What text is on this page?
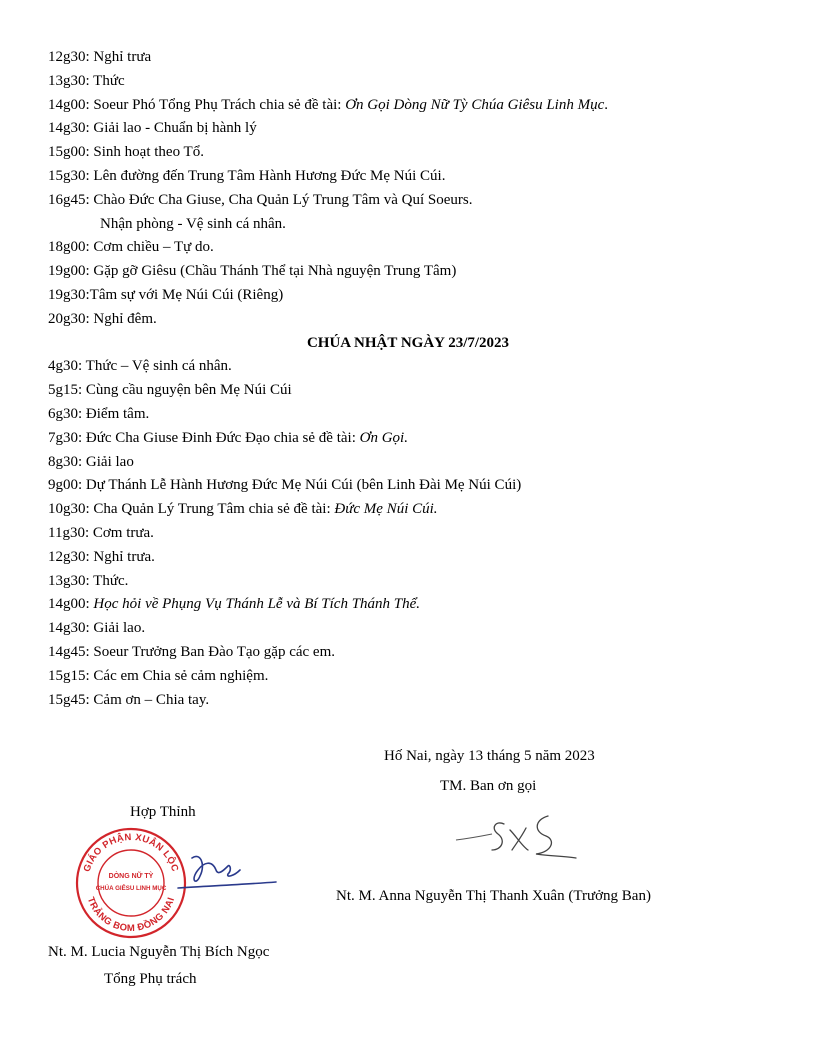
12g30: Nghỉ trưa
13g30: Thức
14g00: Soeur Phó Tổng Phụ Trách chia sẻ đề tài: Ơn Gọi Dòng Nữ Tỳ Chúa Giêsu Linh Mục.
14g30: Giải lao - Chuẩn bị hành lý
15g00: Sinh hoạt theo Tổ.
15g30: Lên đường đến Trung Tâm Hành Hương Đức Mẹ Núi Cúi.
16g45: Chào Đức Cha Giuse, Cha Quản Lý Trung Tâm và Quí Soeurs.
Nhận phòng - Vệ sinh cá nhân.
18g00: Cơm chiều – Tự do.
19g00: Gặp gỡ Giêsu (Chầu Thánh Thể tại Nhà nguyện Trung Tâm)
19g30:Tâm sự với Mẹ Núi Cúi (Riêng)
20g30: Nghỉ đêm.
CHÚA NHẬT NGÀY 23/7/2023
4g30: Thức – Vệ sinh cá nhân.
5g15: Cùng cầu nguyện bên Mẹ Núi Cúi
6g30: Điểm tâm.
7g30: Đức Cha Giuse Đinh Đức Đạo chia sẻ đề tài: Ơn Gọi.
8g30: Giải lao
9g00: Dự Thánh Lễ Hành Hương Đức Mẹ Núi Cúi (bên Linh Đài Mẹ Núi Cúi)
10g30: Cha Quản Lý Trung Tâm chia sẻ đề tài: Đức Mẹ Núi Cúi.
11g30: Cơm trưa.
12g30: Nghỉ trưa.
13g30: Thức.
14g00: Học hỏi về Phụng Vụ Thánh Lễ và Bí Tích Thánh Thể.
14g30: Giải lao.
14g45: Soeur Trưởng Ban Đào Tạo gặp các em.
15g15: Các em Chia sẻ cảm nghiệm.
15g45: Cảm ơn – Chia tay.
Hố Nai, ngày 13 tháng 5 năm 2023
TM. Ban ơn gọi
Hợp Thỉnh
GIÁO PHẬN XUÂN LỘC
TRẢNG BOM ĐỒNG NAI
DÒNG NỮ TỲ
CHÚA GIÊSU LINH MỤC	Nt. M. Anna Nguyễn Thị Thanh Xuân (Trưởng Ban)
Nt. M. Lucia Nguyễn Thị Bích Ngọc
Tổng Phụ trách
